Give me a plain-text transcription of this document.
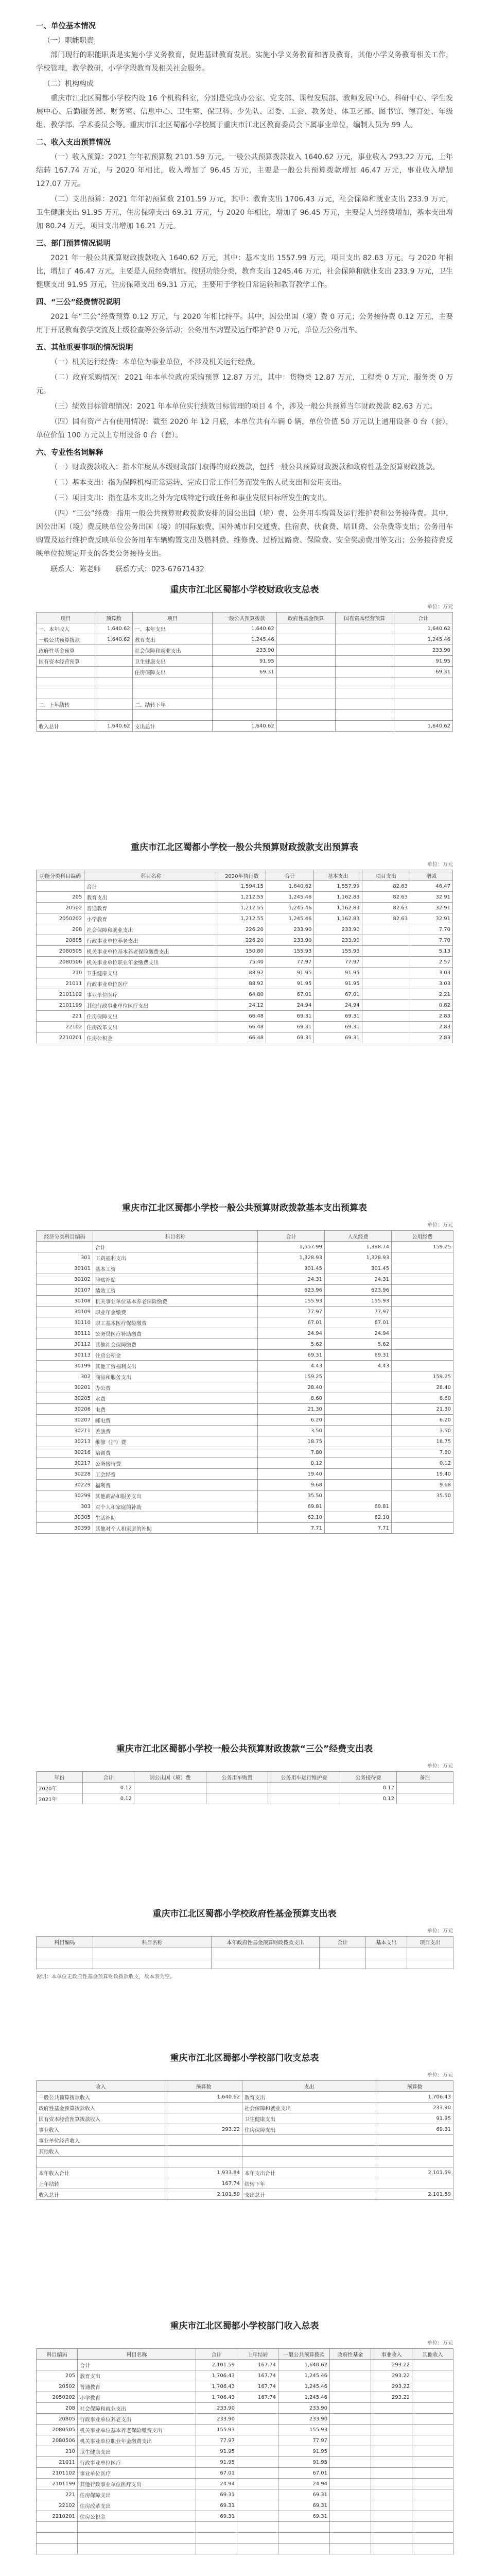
一、单位基本情况
（一）职能职责

部门现行的职能职责是实施小学义务教育，促进基础教育发展。实施小学义务教育和普及教育，其他小学义务教育相关工作，学校管理，教学教研，小学学段教育及相关社会服务。

（二）机构构成

重庆市江北区蜀都小学校内设 16 个机构科室，分别是党政办公室、党支部、课程发展部、教师发展中心、科研中心、学生发展中心、后勤服务部、财务室、信息中心、卫生室、保卫科、少先队、团委、工会、教务处、体卫艺部、图书馆、德育处、年级组、教学部、学术委员会等。重庆市江北区蜀都小学校属于重庆市江北区教育委员会下属事业单位，编制人员为 99 人。

二、收入支出预算情况

（一）收入预算：2021 年年初预算数 2101.59 万元，一般公共预算拨款收入 1640.62 万元，事业收入 293.22 万元，上年结转 167.74 万元，与 2020 年相比，收入增加了 96.45 万元，主要是一般公共预算拨款增加 46.47 万元，事业收入增加 127.07 万元。

（二）支出预算：2021 年年初预算数 2101.59 万元，其中：教育支出 1706.43 万元，社会保障和就业支出 233.9 万元，卫生健康支出 91.95 万元，住房保障支出 69.31 万元，与 2020 年相比，增加了 96.45 万元，主要是人员经费增加，基本支出增加 80.24 万元，项目支出增加 16.21 万元。

三、部门预算情况说明

2021 年一般公共预算财政拨款收入 1640.62 万元，其中：基本支出 1557.99 万元，项目支出 82.63 万元。与 2020 年相比，增加了 46.47 万元，主要是人员经费增加。按照功能分类，教育支出 1245.46 万元，社会保障和就业支出 233.9 万元，卫生健康支出 91.95 万元，住房保障支出 69.31 万元，主要用于学校日常运转和教育教学工作。

四、“三公”经费情况说明

2021 年“三公”经费预算 0.12 万元，与 2020 年相比持平。其中，因公出国（境）费 0 万元；公务接待费 0.12 万元，主要用于开展教育教学交流及上级检查等公务活动；公务用车购置及运行维护费 0 万元，单位无公务用车。

五、其他重要事项的情况说明

（一）机关运行经费：本单位为事业单位，不涉及机关运行经费。

（二）政府采购情况：2021 年本单位政府采购预算 12.87 万元，其中：货物类 12.87 万元，工程类 0 万元，服务类 0 万元。

（三）绩效目标管理情况：2021 年本单位实行绩效目标管理的项目 4 个，涉及一般公共预算当年财政拨款 82.63 万元。

（四）国有资产占有使用情况：截至 2020 年 12 月底，本单位共有车辆 0 辆，单位价值 50 万元以上通用设备 0 台（套），单位价值 100 万元以上专用设备 0 台（套）。

六、专业性名词解释

（一）财政拨款收入：指本年度从本级财政部门取得的财政拨款，包括一般公共预算财政拨款和政府性基金预算财政拨款。

（二）基本支出：指为保障机构正常运转、完成日常工作任务而发生的人员支出和公用支出。

（三）项目支出：指在基本支出之外为完成特定行政任务和事业发展目标所发生的支出。

（四）“三公”经费：指用一般公共预算财政拨款安排的因公出国（境）费、公务用车购置及运行维护费和公务接待费。其中，因公出国（境）费反映单位公务出国（境）的国际旅费、国外城市间交通费、住宿费、伙食费、培训费、公杂费等支出；公务用车购置及运行维护费反映单位公务用车车辆购置支出及燃料费、维修费、过桥过路费、保险费、安全奖励费用等支出；公务接待费反映单位按规定开支的各类公务接待支出。

联系人：陈老师　　联系方式：023-67671432

重庆市江北区蜀都小学校财政收支总表
单位：万元
项目	预算数	项目	一般公共预算拨款	政府性基金预算	国有资本经营预算	合计
一、本年收入	1,640.62	一、本年支出	1,640.62			1,640.62
一般公共预算拨款	1,640.62	教育支出	1,245.46			1,245.46
政府性基金预算		社会保障和就业支出	233.90			233.90
国有资本经营预算		卫生健康支出	91.95			91.95
		住房保障支出	69.31			69.31

二、上年结转		二、结转下年				

收入总计	1,640.62	支出总计	1,640.62			1,640.62
重庆市江北区蜀都小学校一般公共预算财政拨款支出预算表
单位：万元
功能分类科目编码	科目名称	2020年执行数	合计	基本支出	项目支出	增减
	合计	1,594.15	1,640.62	1,557.99	82.63	46.47
205	教育支出	1,212.55	1,245.46	1,162.83	82.63	32.91
20502	普通教育	1,212.55	1,245.46	1,162.83	82.63	32.91
2050202	小学教育	1,212.55	1,245.46	1,162.83	82.63	32.91
208	社会保障和就业支出	226.20	233.90	233.90		7.70
20805	行政事业单位养老支出	226.20	233.90	233.90		7.70
2080505	机关事业单位基本养老保险缴费支出	150.80	155.93	155.93		5.13
2080506	机关事业单位职业年金缴费支出	75.40	77.97	77.97		2.57
210	卫生健康支出	88.92	91.95	91.95		3.03
21011	行政事业单位医疗	88.92	91.95	91.95		3.03
2101102	事业单位医疗	64.80	67.01	67.01		2.21
2101199	其他行政事业单位医疗支出	24.12	24.94	24.94		0.82
221	住房保障支出	66.48	69.31	69.31		2.83
22102	住房改革支出	66.48	69.31	69.31		2.83
2210201	住房公积金	66.48	69.31	69.31		2.83
重庆市江北区蜀都小学校一般公共预算财政拨款基本支出预算表
单位：万元
经济分类科目编码	科目名称	合计	人员经费	公用经费
	合计	1,557.99	1,398.74	159.25
301	工资福利支出	1,328.93	1,328.93	
30101	基本工资	301.45	301.45	
30102	津贴补贴	24.31	24.31	
30107	绩效工资	623.96	623.96	
30108	机关事业单位基本养老保险缴费	155.93	155.93	
30109	职业年金缴费	77.97	77.97	
30110	职工基本医疗保险缴费	67.01	67.01	
30111	公务员医疗补助缴费	24.94	24.94	
30112	其他社会保障缴费	5.62	5.62	
30113	住房公积金	69.31	69.31	
30199	其他工资福利支出	4.43	4.43	
302	商品和服务支出	159.25		159.25
30201	办公费	28.40		28.40
30205	水费	8.60		8.60
30206	电费	21.30		21.30
30207	邮电费	6.20		6.20
30211	差旅费	3.50		3.50
30213	维修（护）费	18.75		18.75
30216	培训费	7.80		7.80
30217	公务接待费	0.12		0.12
30228	工会经费	19.40		19.40
30229	福利费	9.68		9.68
30299	其他商品和服务支出	35.50		35.50
303	对个人和家庭的补助	69.81	69.81	
30305	生活补助	62.10	62.10	
30399	其他对个人和家庭的补助	7.71	7.71	
重庆市江北区蜀都小学校一般公共预算财政拨款“三公”经费支出表
单位：万元
年份	合计	因公出国（境）费	公务用车购置	公务用车运行维护费	公务接待费	备注
2020年	0.12				0.12	
2021年	0.12				0.12	
重庆市江北区蜀都小学校政府性基金预算支出表
单位：万元
科目编码	科目名称	本年政府性基金预算财政拨款支出	合计	基本支出	项目支出

说明：本单位无政府性基金预算财政拨款收支，故本表为空。
重庆市江北区蜀都小学校部门收支总表
单位：万元
收入	预算数	支出	预算数
一般公共预算拨款收入	1,640.62	教育支出	1,706.43
政府性基金预算拨款收入		社会保障和就业支出	233.90
国有资本经营预算拨款收入		卫生健康支出	91.95
事业收入	293.22	住房保障支出	69.31
事业单位经营收入			
其他收入			

本年收入合计	1,933.84	本年支出合计	2,101.59
上年结转	167.74	结转下年	
收入总计	2,101.59	支出总计	2,101.59
重庆市江北区蜀都小学校部门收入总表
单位：万元
科目编码	科目名称	合计	上年结转	一般公共预算拨款	政府性基金	事业收入	其他收入
	合计	2,101.59	167.74	1,640.62		293.22	
205	教育支出	1,706.43	167.74	1,245.46		293.22	
20502	普通教育	1,706.43	167.74	1,245.46		293.22	
2050202	小学教育	1,706.43	167.74	1,245.46		293.22	
208	社会保障和就业支出	233.90		233.90			
20805	行政事业单位养老支出	233.90		233.90			
2080505	机关事业单位基本养老保险缴费支出	155.93		155.93			
2080506	机关事业单位职业年金缴费支出	77.97		77.97			
210	卫生健康支出	91.95		91.95			
21011	行政事业单位医疗	91.95		91.95			
2101102	事业单位医疗	67.01		67.01			
2101199	其他行政事业单位医疗支出	24.94		24.94			
221	住房保障支出	69.31		69.31			
22102	住房改革支出	69.31		69.31			
2210201	住房公积金	69.31		69.31			
